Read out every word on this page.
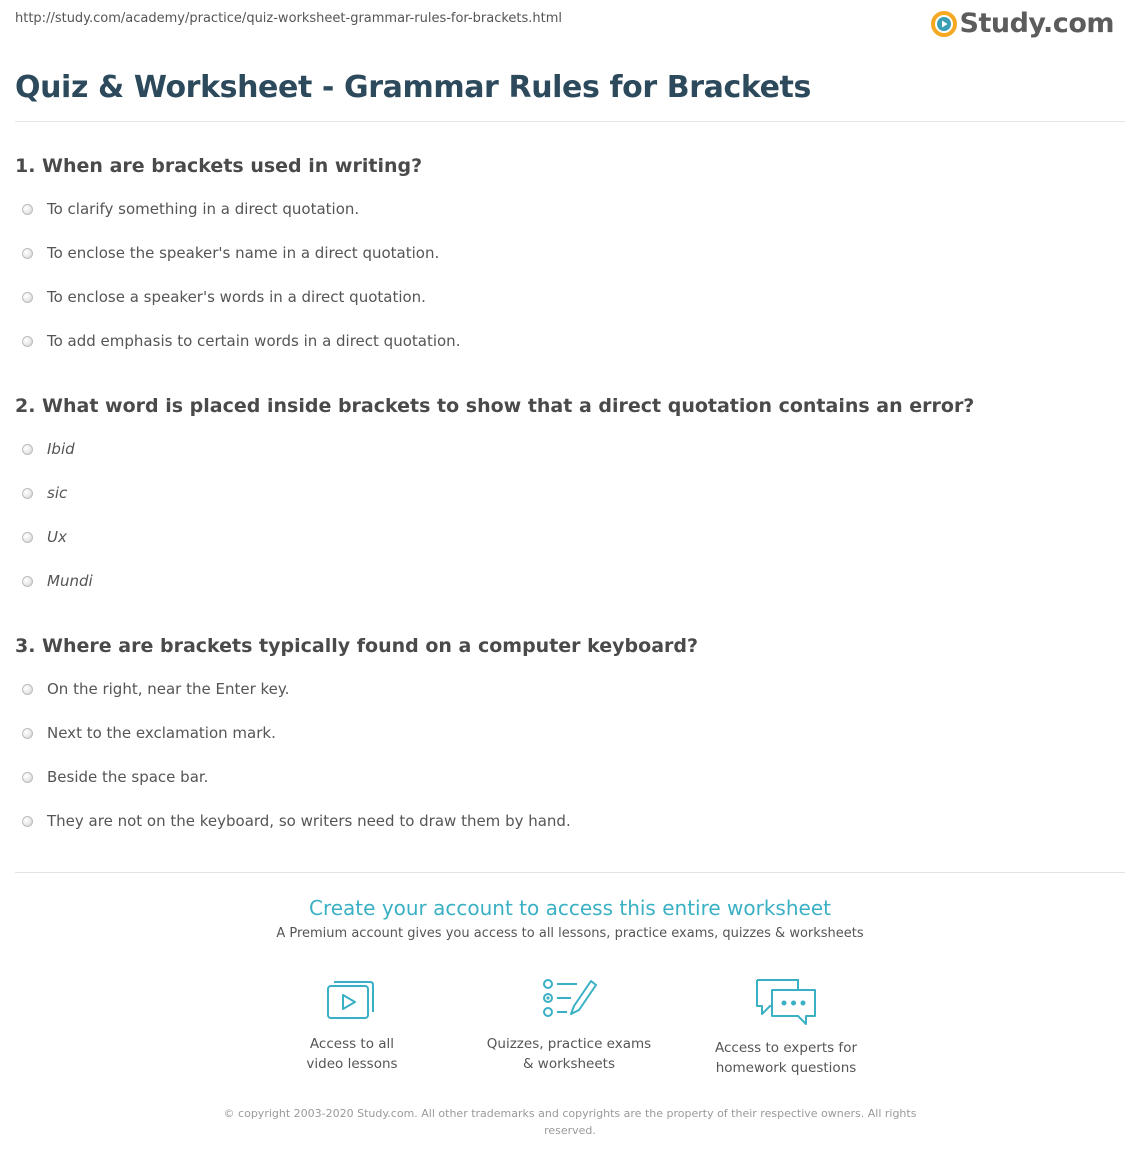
http://study.com/academy/practice/quiz-worksheet-grammar-rules-for-brackets.html	Study.com
Quiz & Worksheet - Grammar Rules for Brackets
1. When are brackets used in writing?
To clarify something in a direct quotation.
To enclose the speaker's name in a direct quotation.
To enclose a speaker's words in a direct quotation.
To add emphasis to certain words in a direct quotation.
2. What word is placed inside brackets to show that a direct quotation contains an error?
Ibid
sic
Ux
Mundi
3. Where are brackets typically found on a computer keyboard?
On the right, near the Enter key.
Next to the exclamation mark.
Beside the space bar.
They are not on the keyboard, so writers need to draw them by hand.
Create your account to access this entire worksheet
A Premium account gives you access to all lessons, practice exams, quizzes & worksheets
Access to all
video lessons
Quizzes, practice exams
& worksheets
Access to experts for
homework questions
© copyright 2003-2020 Study.com. All other trademarks and copyrights are the property of their respective owners. All rights reserved.
